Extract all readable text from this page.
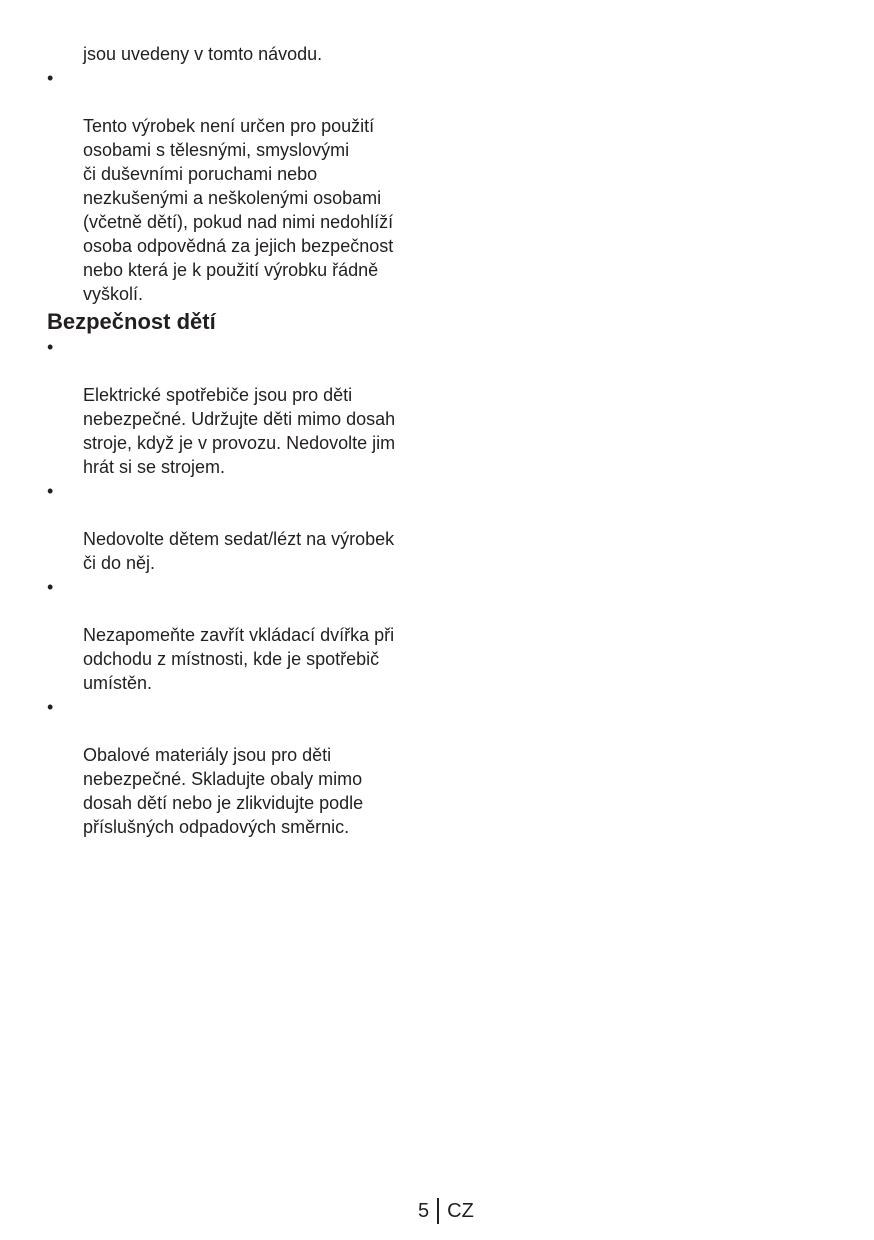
jsou uvedeny v tomto návodu.

•

Tento výrobek není určen pro použití
osobami s tělesnými, smyslovými
či duševními poruchami nebo
nezkušenými a neškolenými osobami
(včetně dětí), pokud nad nimi nedohlíží
osoba odpovědná za jejich bezpečnost
nebo která je k použití výrobku řádně
vyškolí.

Bezpečnost dětí

•

Elektrické spotřebiče jsou pro děti
nebezpečné. Udržujte děti mimo dosah
stroje, když je v provozu. Nedovolte jim
hrát si se strojem.

•

Nedovolte dětem sedat/lézt na výrobek
či do něj.

•

Nezapomeňte zavřít vkládací dvířka při
odchodu z místnosti, kde je spotřebič
umístěn.

•

Obalové materiály jsou pro děti
nebezpečné. Skladujte obaly mimo
dosah dětí nebo je zlikvidujte podle
příslušných odpadových směrnic.

5 CZ
